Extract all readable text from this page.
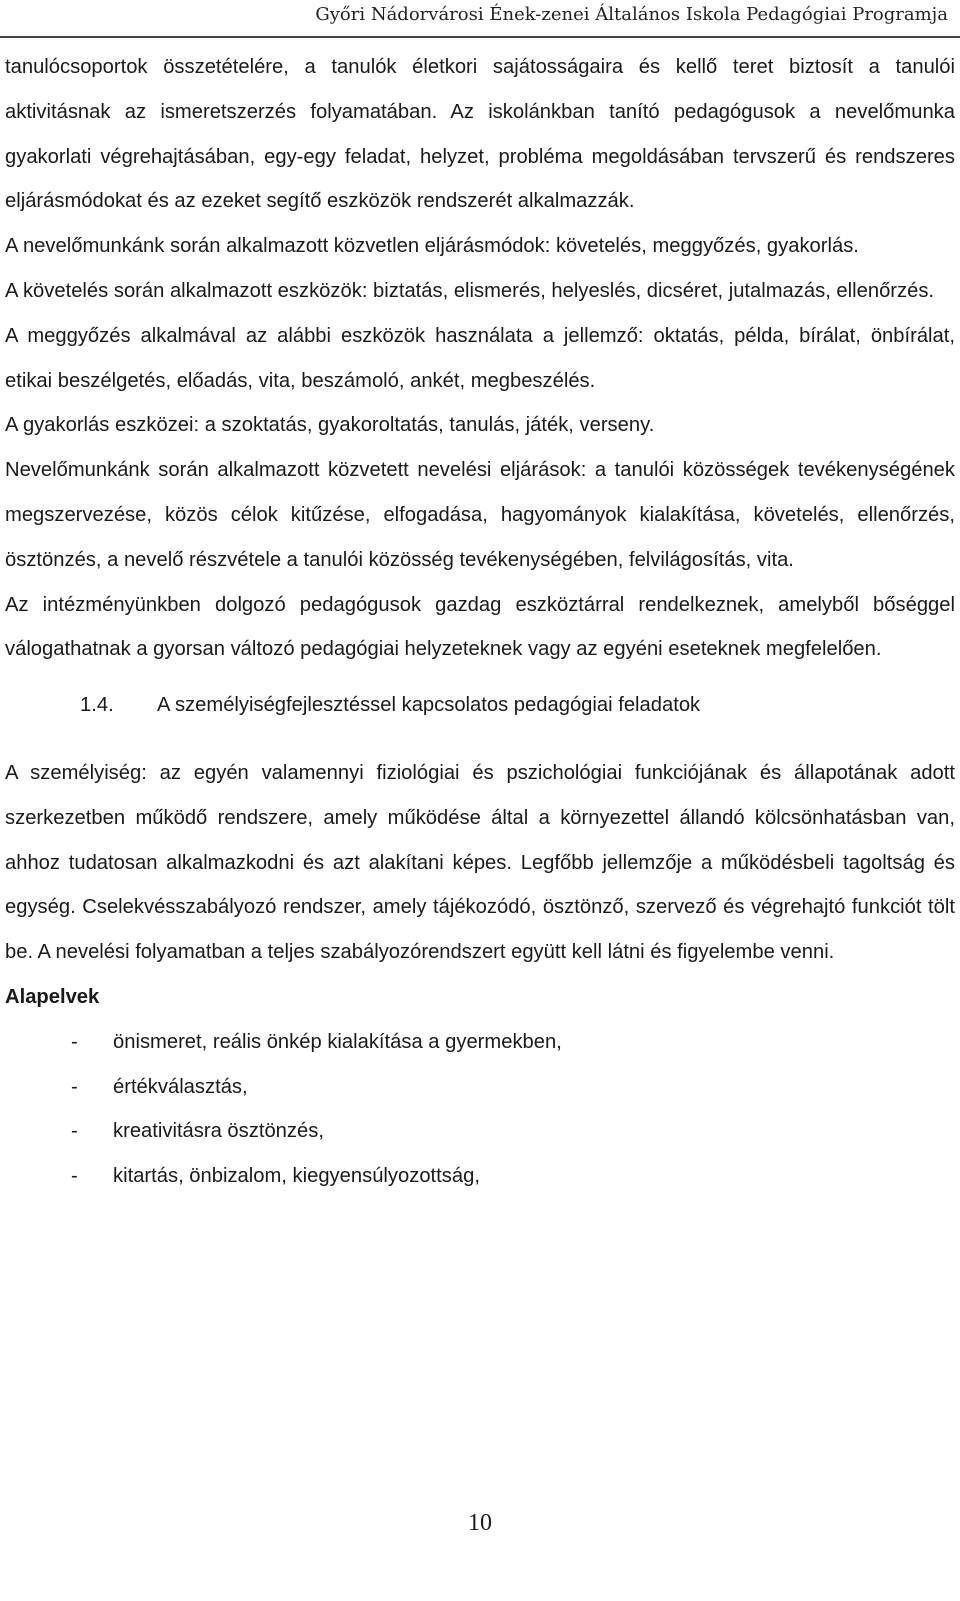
Győri Nádorvárosi Ének-zenei Általános Iskola Pedagógiai Programja

tanulócsoportok összetételére, a tanulók életkori sajátosságaira és kellő teret biztosít a tanulói aktivitásnak az ismeretszerzés folyamatában. Az iskolánkban tanító pedagógusok a nevelőmunka gyakorlati végrehajtásában, egy-egy feladat, helyzet, probléma megoldásában tervszerű és rendszeres eljárásmódokat és az ezeket segítő eszközök rendszerét alkalmazzák.

A nevelőmunkánk során alkalmazott közvetlen eljárásmódok: követelés, meggyőzés, gyakorlás.

A követelés során alkalmazott eszközök: biztatás, elismerés, helyeslés, dicséret, jutalmazás, ellenőrzés.

A meggyőzés alkalmával az alábbi eszközök használata a jellemző: oktatás, példa, bírálat, önbírálat, etikai beszélgetés, előadás, vita, beszámoló, ankét, megbeszélés.

A gyakorlás eszközei: a szoktatás, gyakoroltatás, tanulás, játék, verseny.

Nevelőmunkánk során alkalmazott közvetett nevelési eljárások: a tanulói közösségek tevékenységének megszervezése, közös célok kitűzése, elfogadása, hagyományok kialakítása, követelés, ellenőrzés, ösztönzés, a nevelő részvétele a tanulói közösség tevékenységében, felvilágosítás, vita.

Az intézményünkben dolgozó pedagógusok gazdag eszköztárral rendelkeznek, amelyből bőséggel válogathatnak a gyorsan változó pedagógiai helyzeteknek vagy az egyéni eseteknek megfelelően.

1.4.	A személyiségfejlesztéssel kapcsolatos pedagógiai feladatok

A személyiség: az egyén valamennyi fiziológiai és pszichológiai funkciójának és állapotának adott szerkezetben működő rendszere, amely működése által a környezettel állandó kölcsönhatásban van, ahhoz tudatosan alkalmazkodni és azt alakítani képes. Legfőbb jellemzője a működésbeli tagoltság és egység. Cselekvésszabályozó rendszer, amely tájékozódó, ösztönző, szervező és végrehajtó funkciót tölt be. A nevelési folyamatban a teljes szabályozórendszert együtt kell látni és figyelembe venni.

Alapelvek

-	önismeret, reális önkép kialakítása a gyermekben,
-	értékválasztás,
-	kreativitásra ösztönzés,
-	kitartás, önbizalom, kiegyensúlyozottság,
10
